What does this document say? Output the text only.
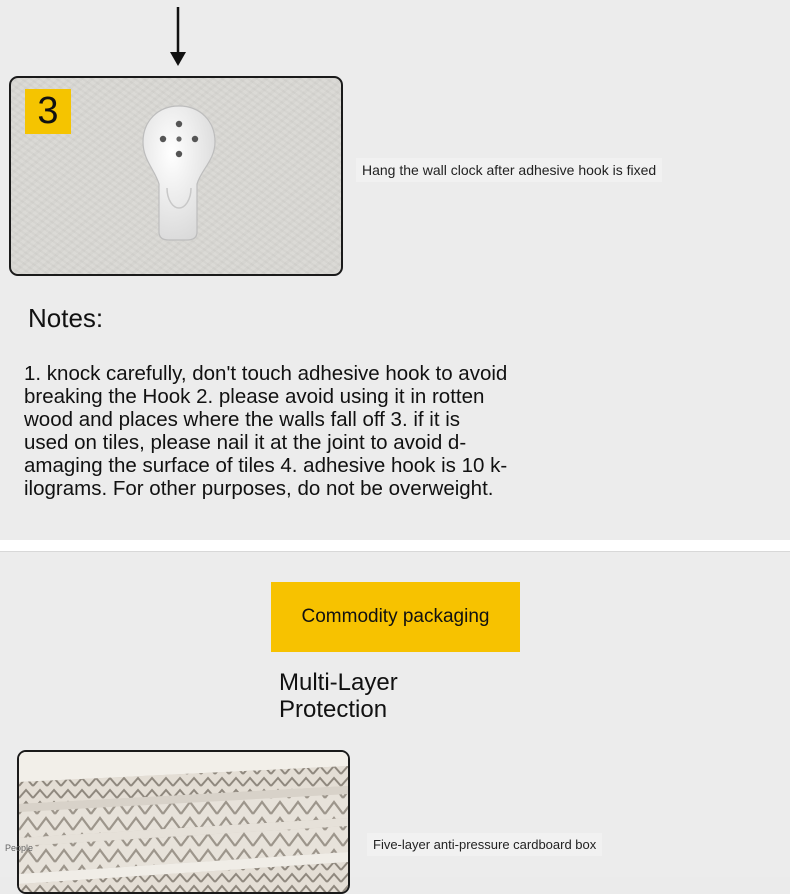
3
Hang the wall clock after adhesive hook is fixed
Notes:

1. knock carefully, don't touch adhesive hook to avoid
breaking the Hook 2. please avoid using it in rotten
wood and places where the walls fall off 3. if it is
used on tiles, please nail it at the joint to avoid d-
amaging the surface of tiles 4. adhesive hook is 10 k-
ilograms. For other purposes, do not be overweight.

Commodity packaging
Multi-Layer
Protection
Five-layer anti-pressure cardboard box
People
